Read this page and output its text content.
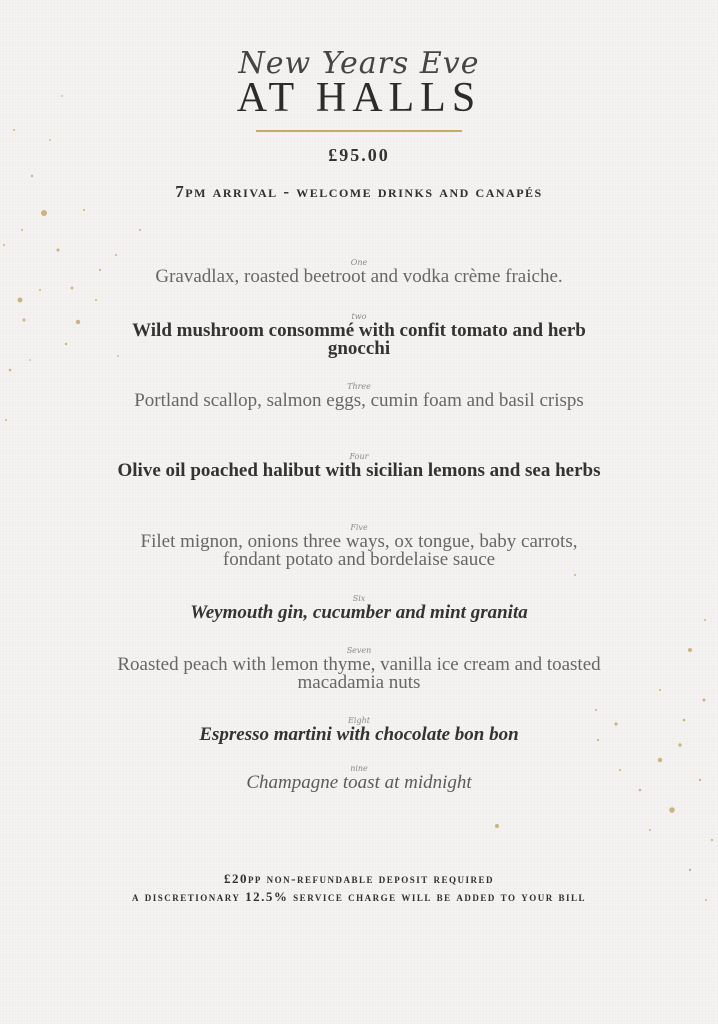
New Years Eve
AT HALLS
£95.00
7pm arrival - welcome drinks and canapés
One
Gravadlax, roasted beetroot and vodka crème fraiche.
two
Wild mushroom consommé with confit tomato and herb gnocchi
Three
Portland scallop, salmon eggs, cumin foam and basil crisps
Four
Olive oil poached halibut with sicilian lemons and sea herbs
Five
Filet mignon, onions three ways, ox tongue, baby carrots, fondant potato and bordelaise sauce
Six
Weymouth gin, cucumber and mint granita
Seven
Roasted peach with lemon thyme, vanilla ice cream and toasted macadamia nuts
Eight
Espresso martini with chocolate bon bon
nine
Champagne toast at midnight
£20pp non-refundable deposit required
a discretionary 12.5% service charge will be added to your bill
